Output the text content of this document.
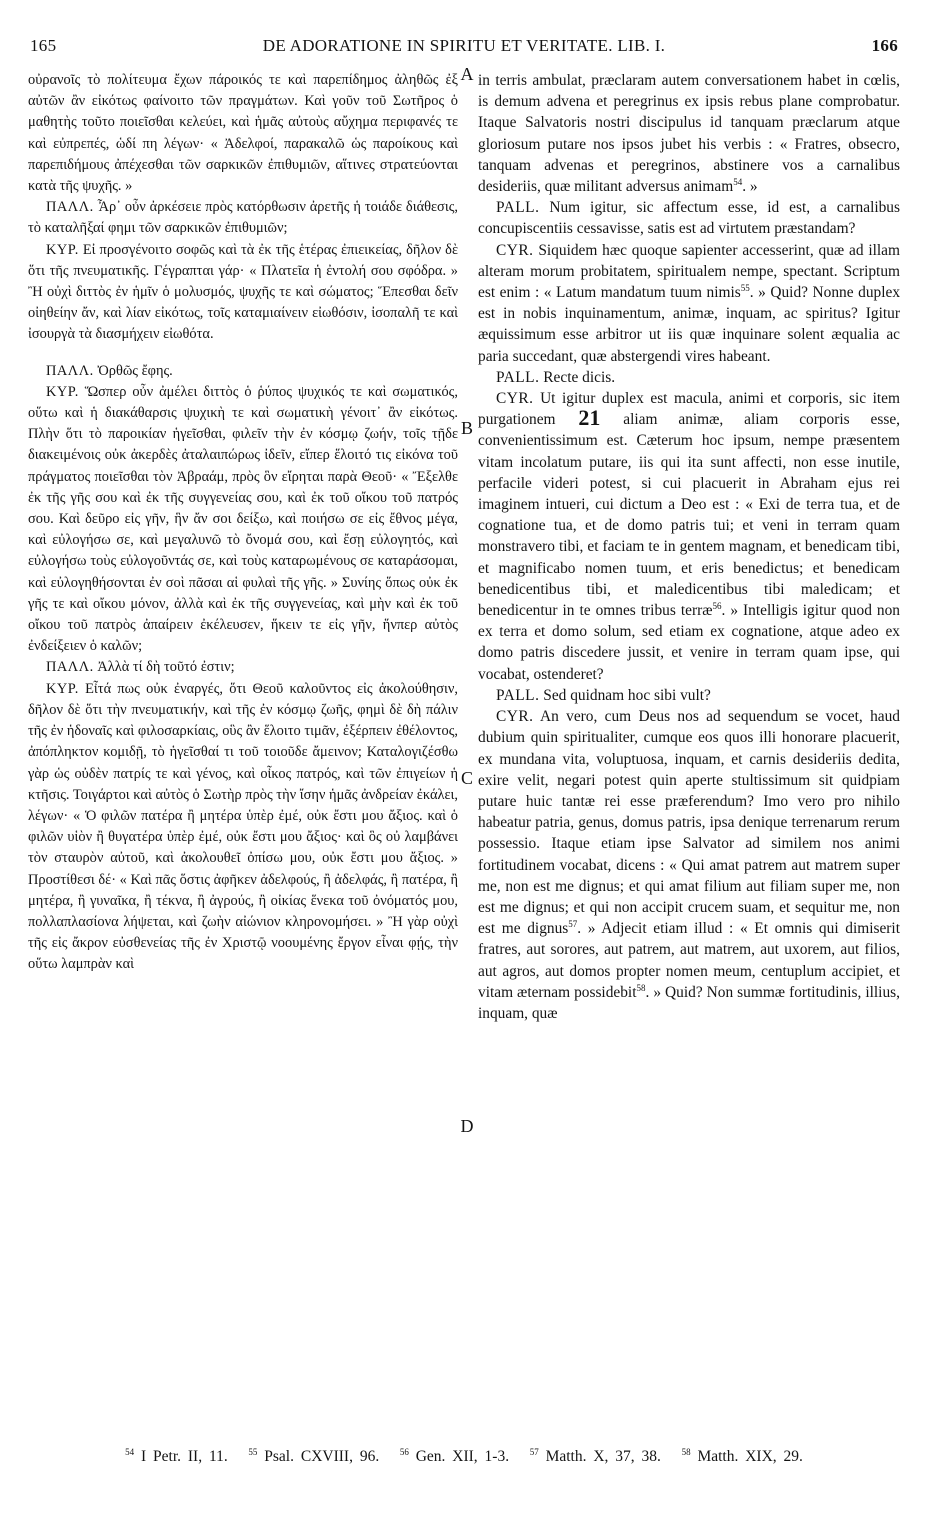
165	DE ADORATIONE IN SPIRITU ET VERITATE. LIB. I.	166

οὐρανοῖς τὸ πολίτευμα ἔχων πάροικός τε καὶ παρεπίδημος ἀληθῶς ἐξ αὐτῶν ἂν εἰκότως φαίνοιτο τῶν πραγμάτων. Καὶ γοῦν τοῦ Σωτῆρος ὁ μαθητὴς τοῦτο ποιεῖσθαι κελεύει, καὶ ἡμᾶς αὐτοὺς αὔχημα περιφανές τε καὶ εὐπρεπές, ὡδί πη λέγων· « Ἀδελφοί, παρακαλῶ ὡς παροίκους καὶ παρεπιδήμους ἀπέχεσθαι τῶν σαρκικῶν ἐπιθυμιῶν, αἵτινες στρατεύονται κατὰ τῆς ψυχῆς. »

ΠΑΛΛ. Ἆρ᾽ οὖν ἀρκέσειε πρὸς κατόρθωσιν ἀρετῆς ἡ τοιάδε διάθεσις, τὸ καταλῆξαί φημι τῶν σαρκικῶν ἐπιθυμιῶν;

ΚΥΡ. Εἰ προσγένοιτο σοφῶς καὶ τὰ ἐκ τῆς ἑτέρας ἐπιεικείας, δῆλον δὲ ὅτι τῆς πνευματικῆς. Γέγραπται γάρ· « Πλατεῖα ἡ ἐντολή σου σφόδρα. » Ἢ οὐχὶ διττὸς ἐν ἡμῖν ὁ μολυσμός, ψυχῆς τε καὶ σώματος; Ἕπεσθαι δεῖν οἰηθείην ἄν, καὶ λίαν εἰκότως, τοῖς καταμιαίνειν εἰωθόσιν, ἰσοπαλῆ τε καὶ ἰσουργὰ τὰ διασμήχειν εἰωθότα.

ΠΑΛΛ. Ὀρθῶς ἔφης.

ΚΥΡ. Ὥσπερ οὖν ἀμέλει διττὸς ὁ ῥύπος ψυχικός τε καὶ σωματικός, οὕτω καὶ ἡ διακάθαρσις ψυχικὴ τε καὶ σωματικὴ γένοιτ᾽ ἂν εἰκότως. Πλὴν ὅτι τὸ παροικίαν ἡγεῖσθαι, φιλεῖν τὴν ἐν κόσμῳ ζωήν, τοῖς τῇδε διακειμένοις οὐκ ἀκερδὲς ἀταλαιπώρως ἰδεῖν, εἴπερ ἕλοιτό τις εἰκόνα τοῦ πράγματος ποιεῖσθαι τὸν Ἀβραάμ, πρὸς ὃν εἴρηται παρὰ Θεοῦ· « Ἔξελθε ἐκ τῆς γῆς σου καὶ ἐκ τῆς συγγενείας σου, καὶ ἐκ τοῦ οἴκου τοῦ πατρός σου. Καὶ δεῦρο εἰς γῆν, ἣν ἄν σοι δείξω, καὶ ποιήσω σε εἰς ἔθνος μέγα, καὶ εὐλογήσω σε, καὶ μεγαλυνῶ τὸ ὄνομά σου, καὶ ἔσῃ εὐλογητός, καὶ εὐλογήσω τοὺς εὐλογοῦντάς σε, καὶ τοὺς καταρωμένους σε καταράσομαι, καὶ εὐλογηθήσονται ἐν σοὶ πᾶσαι αἱ φυλαὶ τῆς γῆς. » Συνίης ὅπως οὐκ ἐκ γῆς τε καὶ οἴκου μόνον, ἀλλὰ καὶ ἐκ τῆς συγγενείας, καὶ μὴν καὶ ἐκ τοῦ οἴκου τοῦ πατρὸς ἀπαίρειν ἐκέλευσεν, ἥκειν τε εἰς γῆν, ἥνπερ αὐτὸς ἐνδείξειεν ὁ καλῶν;

ΠΑΛΛ. Ἀλλὰ τί δὴ τοῦτό ἐστιν;

ΚΥΡ. Εἶτά πως οὐκ ἐναργές, ὅτι Θεοῦ καλοῦντος εἰς ἀκολούθησιν, δῆλον δὲ ὅτι τὴν πνευματικήν, καὶ τῆς ἐν κόσμῳ ζωῆς, φημὶ δὲ δὴ πάλιν τῆς ἐν ἡδοναῖς καὶ φιλοσαρκίαις, οὓς ἂν ἕλοιτο τιμᾶν, ἐξέρπειν ἐθέλοντος, ἀπόπληκτον κομιδῇ, τὸ ἡγεῖσθαί τι τοῦ τοιοῦδε ἄμεινον; Καταλογιζέσθω γὰρ ὡς οὐδὲν πατρίς τε καὶ γένος, καὶ οἶκος πατρός, καὶ τῶν ἐπιγείων ἡ κτῆσις. Τοιγάρτοι καὶ αὐτὸς ὁ Σωτὴρ πρὸς τὴν ἴσην ἡμᾶς ἀνδρείαν ἐκάλει, λέγων· « Ὁ φιλῶν πατέρα ἢ μητέρα ὑπὲρ ἐμέ, οὐκ ἔστι μου ἄξιος. καὶ ὁ φιλῶν υἱὸν ἢ θυγατέρα ὑπὲρ ἐμέ, οὐκ ἔστι μου ἄξιος· καὶ ὃς οὐ λαμβάνει τὸν σταυρὸν αὐτοῦ, καὶ ἀκολουθεῖ ὀπίσω μου, οὐκ ἔστι μου ἄξιος. » Προστίθεσι δέ· « Καὶ πᾶς ὅστις ἀφῆκεν ἀδελφούς, ἢ ἀδελφάς, ἢ πατέρα, ἢ μητέρα, ἢ γυναῖκα, ἢ τέκνα, ἢ ἀγρούς, ἢ οἰκίας ἕνεκα τοῦ ὀνόματός μου, πολλαπλασίονα λήψεται, καὶ ζωὴν αἰώνιον κληρονομήσει. » Ἢ γὰρ οὐχὶ τῆς εἰς ἄκρον εὐσθενείας τῆς ἐν Χριστῷ νοουμένης ἔργον εἶναι φῄς, τὴν οὕτω λαμπρὰν καὶ

A
B
C
D

in terris ambulat, præclaram autem conversationem habet in cœlis, is demum advena et peregrinus ex ipsis rebus plane comprobatur. Itaque Salvatoris nostri discipulus id tanquam præclarum atque gloriosum putare nos ipsos jubet his verbis : « Fratres, obsecro, tanquam advenas et peregrinos, abstinere vos a carnalibus desideriis, quæ militant adversus animam$^{54}$. »

PALL. Num igitur, sic affectum esse, id est, a carnalibus concupiscentiis cessavisse, satis est ad virtutem præstandam?

CYR. Siquidem hæc quoque sapienter accesserint, quæ ad illam alteram morum probitatem, spiritualem nempe, spectant. Scriptum est enim : « Latum mandatum tuum nimis$^{55}$. » Quid? Nonne duplex est in nobis inquinamentum, animæ, inquam, ac spiritus? Igitur æquissimum esse arbitror ut iis quæ inquinare solent æqualia ac paria succedant, quæ abstergendi vires habeant.

PALL. Recte dicis.

CYR. Ut igitur duplex est macula, animi et corporis, sic item purgationem 21 aliam animæ, aliam corporis esse, convenientissimum est. Cæterum hoc ipsum, nempe præsentem vitam incolatum putare, iis qui ita sunt affecti, non esse inutile, perfacile videri potest, si cui placuerit in Abraham ejus rei imaginem intueri, cui dictum a Deo est : « Exi de terra tua, et de cognatione tua, et de domo patris tui; et veni in terram quam monstravero tibi, et faciam te in gentem magnam, et benedicam tibi, et magnificabo nomen tuum, et eris benedictus; et benedicam benedicentibus tibi, et maledicentibus tibi maledicam; et benedicentur in te omnes tribus terræ$^{56}$. » Intelligis igitur quod non ex terra et domo solum, sed etiam ex cognatione, atque adeo ex domo patris discedere jussit, et venire in terram quam ipse, qui vocabat, ostenderet?

PALL. Sed quidnam hoc sibi vult?

CYR. An vero, cum Deus nos ad sequendum se vocet, haud dubium quin spiritualiter, cumque eos quos illi honorare placuerit, ex mundana vita, voluptuosa, inquam, et carnis desideriis dedita, exire velit, negari potest quin aperte stultissimum sit quidpiam putare huic tantæ rei esse præferendum? Imo vero pro nihilo habeatur patria, genus, domus patris, ipsa denique terrenarum rerum possessio. Itaque etiam ipse Salvator ad similem nos animi fortitudinem vocabat, dicens : « Qui amat patrem aut matrem super me, non est me dignus; et qui amat filium aut filiam super me, non est me dignus; et qui non accipit crucem suam, et sequitur me, non est me dignus$^{57}$. » Adjecit etiam illud : « Et omnis qui dimiserit fratres, aut sorores, aut patrem, aut matrem, aut uxorem, aut filios, aut agros, aut domos propter nomen meum, centuplum accipiet, et vitam æternam possidebit$^{58}$. » Quid? Non summæ fortitudinis, illius, inquam, quæ

$^{54}$ I Petr. II, 11. $^{55}$ Psal. CXVIII, 96. $^{56}$ Gen. XII, 1-3. $^{57}$ Matth. X, 37, 38. $^{58}$ Matth. XIX, 29.
